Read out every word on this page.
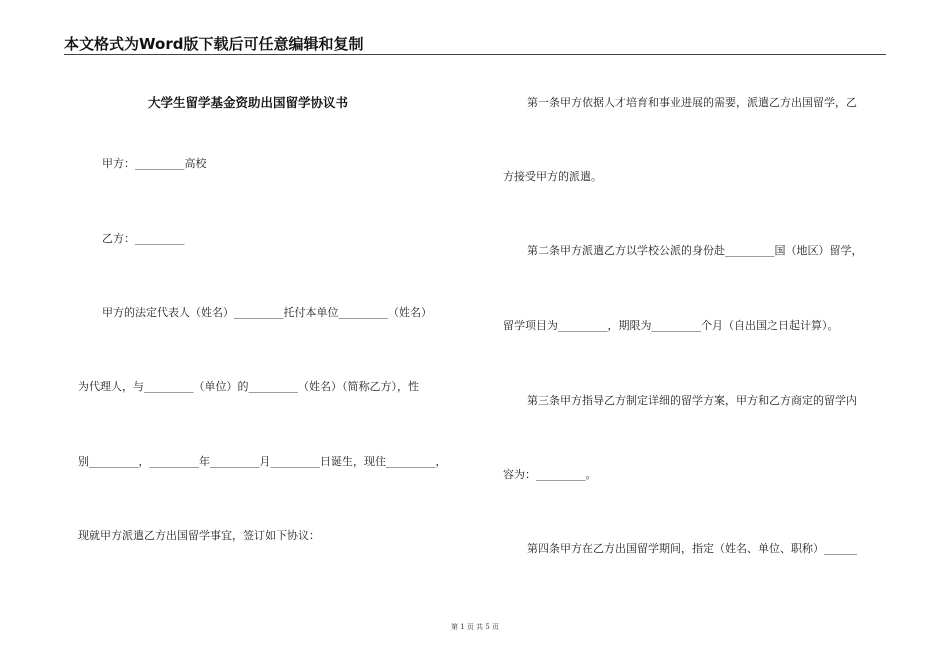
本文格式为Word版下载后可任意编辑和复制
大学生留学基金资助出国留学协议书
甲方：_________高校
乙方：_________
甲方的法定代表人（姓名）_________托付本单位_________（姓名）
为代理人，与_________（单位）的_________（姓名）（简称乙方），性
别_________，_________年_________月_________日诞生，现住_________，
现就甲方派遣乙方出国留学事宜，签订如下协议：
第一条甲方依据人才培育和事业进展的需要，派遣乙方出国留学，乙
方接受甲方的派遣。
第二条甲方派遣乙方以学校公派的身份赴_________国（地区）留学，
留学项目为_________，期限为_________个月（自出国之日起计算）。
第三条甲方指导乙方制定详细的留学方案，甲方和乙方商定的留学内
容为：_________。
第四条甲方在乙方出国留学期间，指定（姓名、单位、职称）______
第 1 页 共 5 页
